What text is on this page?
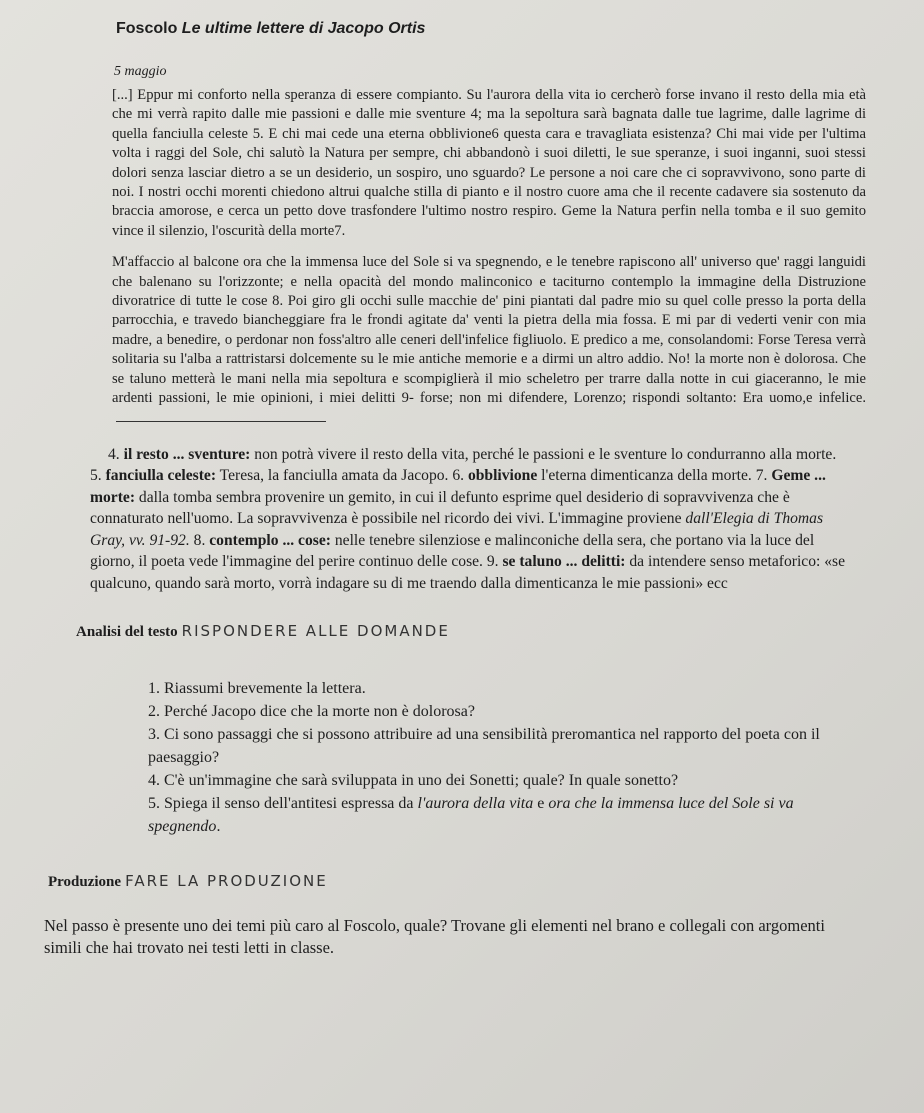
Foscolo Le ultime lettere di Jacopo Ortis
5 maggio

[...] Eppur mi conforto nella speranza di essere compianto. Su l'aurora della vita io cercherò forse invano il resto della mia età che mi verrà rapito dalle mie passioni e dalle mie sventure 4; ma la sepoltura sarà bagnata dalle tue lagrime, dalle lagrime di quella fanciulla celeste 5. E chi mai cede una eterna obblivione6 questa cara e travagliata esistenza? Chi mai vide per l'ultima volta i raggi del Sole, chi salutò la Natura per sempre, chi abbandonò i suoi diletti, le sue speranze, i suoi inganni, suoi stessi dolori senza lasciar dietro a se un desiderio, un sospiro, uno sguardo? Le persone a noi care che ci sopravvivono, sono parte di noi. I nostri occhi morenti chiedono altrui qualche stilla di pianto e il nostro cuore ama che il recente cadavere sia sostenuto da braccia amorose, e cerca un petto dove trasfondere l'ultimo nostro respiro. Geme la Natura perfin nella tomba e il suo gemito vince il silenzio, l'oscurità della morte7.

M'affaccio al balcone ora che la immensa luce del Sole si va spegnendo, e le tenebre rapiscono all' universo que' raggi languidi che balenano su l'orizzonte; e nella opacità del mondo malinconico e taciturno contemplo la immagine della Distruzione divoratrice di tutte le cose 8. Poi giro gli occhi sulle macchie de' pini piantati dal padre mio su quel colle presso la porta della parrocchia, e travedo biancheggiare fra le frondi agitate da' venti la pietra della mia fossa. E mi par di vederti venir con mia madre, a benedire, o perdonar non foss'altro alle ceneri dell'infelice figliuolo. E predico a me, consolandomi: Forse Teresa verrà solitaria su l'alba a rattristarsi dolcemente su le mie antiche memorie e a dirmi un altro addio. No! la morte non è dolorosa. Che se taluno metterà le mani nella mia sepoltura e scompiglierà il mio scheletro per trarre dalla notte in cui giaceranno, le mie ardenti passioni, le mie opinioni, i miei delitti 9- forse; non mi difendere, Lorenzo; rispondi soltanto: Era uomo,e infelice.

4. il resto ... sventure: non potrà vivere il resto della vita, perché le passioni e le sventure lo condurranno alla morte. 5. fanciulla celeste: Teresa, la fanciulla amata da Jacopo. 6. obblivione l'eterna dimenticanza della morte. 7. Geme ... morte: dalla tomba sembra provenire un gemito, in cui il defunto esprime quel desiderio di sopravvivenza che è connaturato nell'uomo. La sopravvivenza è possibile nel ricordo dei vivi. L'immagine proviene dall'Elegia di Thomas Gray, vv. 91-92. 8. contemplo ... cose: nelle tenebre silenziose e malinconiche della sera, che portano via la luce del giorno, il poeta vede l'immagine del perire continuo delle cose. 9. se taluno ... delitti: da intendere senso metaforico: «se qualcuno, quando sarà morto, vorrà indagare su di me traendo dalla dimenticanza le mie passioni» ecc

Analisi del testo RISPONDERE ALLE DOMANDE
1. Riassumi brevemente la lettera.
2. Perché Jacopo dice che la morte non è dolorosa?
3. Ci sono passaggi che si possono attribuire ad una sensibilità preromantica nel rapporto del poeta con il paesaggio?
4. C'è un'immagine che sarà sviluppata in uno dei Sonetti; quale? In quale sonetto?
5. Spiega il senso dell'antitesi espressa da l'aurora della vita e ora che la immensa luce del Sole si va spegnendo.
Produzione FARE LA PRODUZIONE
Nel passo è presente uno dei temi più caro al Foscolo, quale? Trovane gli elementi nel brano e collegali con argomenti simili che hai trovato nei testi letti in classe.
